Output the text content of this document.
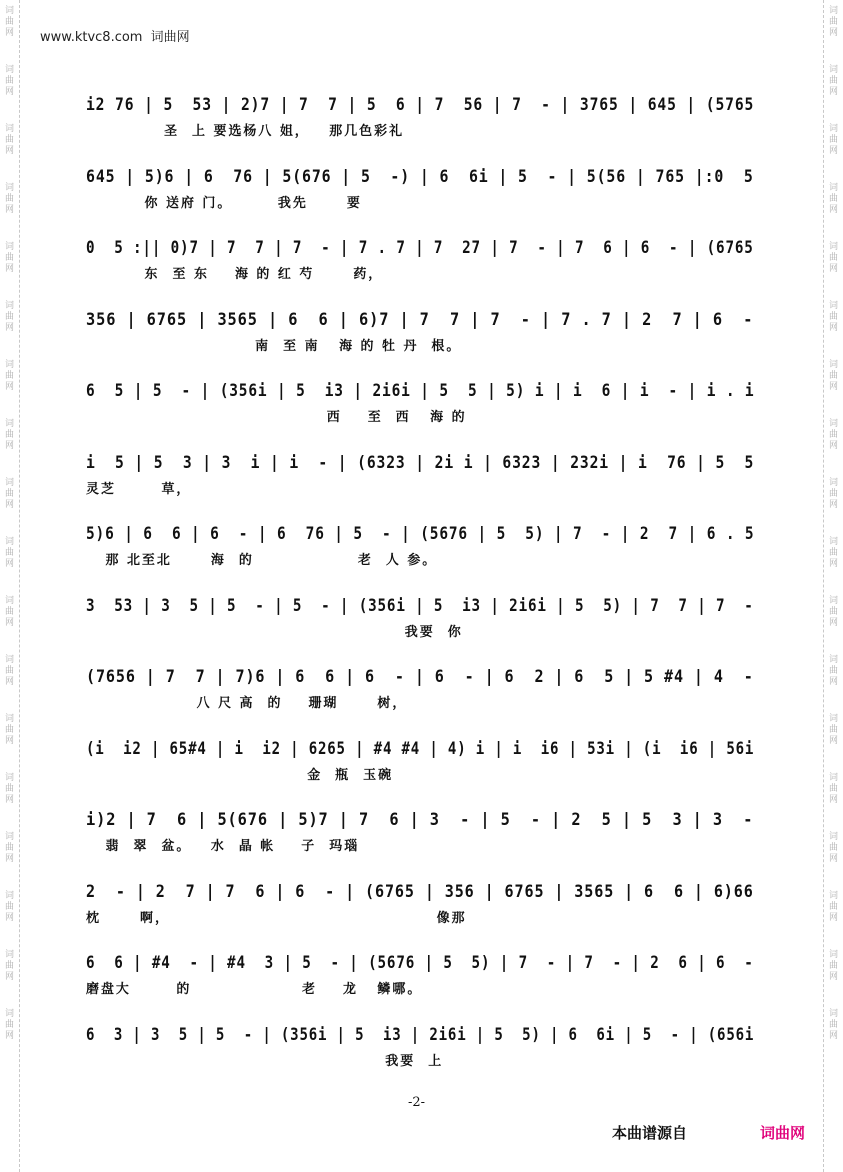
词曲网
词曲网
词曲网
词曲网
词曲网
词曲网
词曲网
词曲网
词曲网
词曲网
词曲网
词曲网
词曲网
词曲网
词曲网
词曲网
词曲网
词曲网
词曲网
词曲网
词曲网
词曲网
词曲网
词曲网
词曲网
词曲网
词曲网
词曲网
词曲网
词曲网
词曲网
词曲网
词曲网
词曲网
词曲网
词曲网
www.ktvc8.com 词曲网
i2 76 | 5  53 | 2)7 | 7  7 | 5  6 | 7  56 | 7  - | 3765 | 645 | (5765
圣  上 要选杨八 姐，   那几色彩礼
645 | 5)6 | 6  76 | 5(676 | 5  -) | 6  6i | 5  - | 5(56 | 765 |:0  5
你 送府 门。       我先      要
0  5 :|| 0)7 | 7  7 | 7  - | 7 . 7 | 7  27 | 7  - | 7  6 | 6  - | (6765
东  至 东    海 的 红 芍      药，
356 | 6765 | 3565 | 6  6 | 6)7 | 7  7 | 7  - | 7 . 7 | 2  7 | 6  -
南  至 南   海 的 牡 丹  根。
6  5 | 5  - | (356i | 5  i3 | 2i6i | 5  5 | 5) i | i  6 | i  - | i . i
西    至  西   海 的
i  5 | 5  3 | 3  i | i  - | (6323 | 2i i | 6323 | 232i | i  76 | 5  5
灵芝       草，
5)6 | 6  6 | 6  - | 6  76 | 5  - | (5676 | 5  5) | 7  - | 2  7 | 6 . 5
那 北至北      海  的                老  人 参。
3  53 | 3  5 | 5  - | 5  - | (356i | 5  i3 | 2i6i | 5  5) | 7  7 | 7  -
我要  你
(7656 | 7  7 | 7)6 | 6  6 | 6  - | 6  - | 6  2 | 6  5 | 5 #4 | 4  -
八 尺 高  的    珊瑚      树，
(i  i2 | 65#4 | i  i2 | 6265 | #4 #4 | 4) i | i  i6 | 53i | (i  i6 | 56i
金  瓶  玉碗
i)2 | 7  6 | 5(676 | 5)7 | 7  6 | 3  - | 5  - | 2  5 | 5  3 | 3  -
翡  翠  盆。   水  晶 帐    子  玛瑙
2  - | 2  7 | 7  6 | 6  - | (6765 | 356 | 6765 | 3565 | 6  6 | 6)66
枕      啊，                                         像那
6  6 | #4  - | #4  3 | 5  - | (5676 | 5  5) | 7  - | 7  - | 2  6 | 6  -
磨盘大       的                 老    龙   鳞哪。
6  3 | 3  5 | 5  - | (356i | 5  i3 | 2i6i | 5  5) | 6  6i | 5  - | (656i
我要  上
-2-
本曲谱源自	词曲网
